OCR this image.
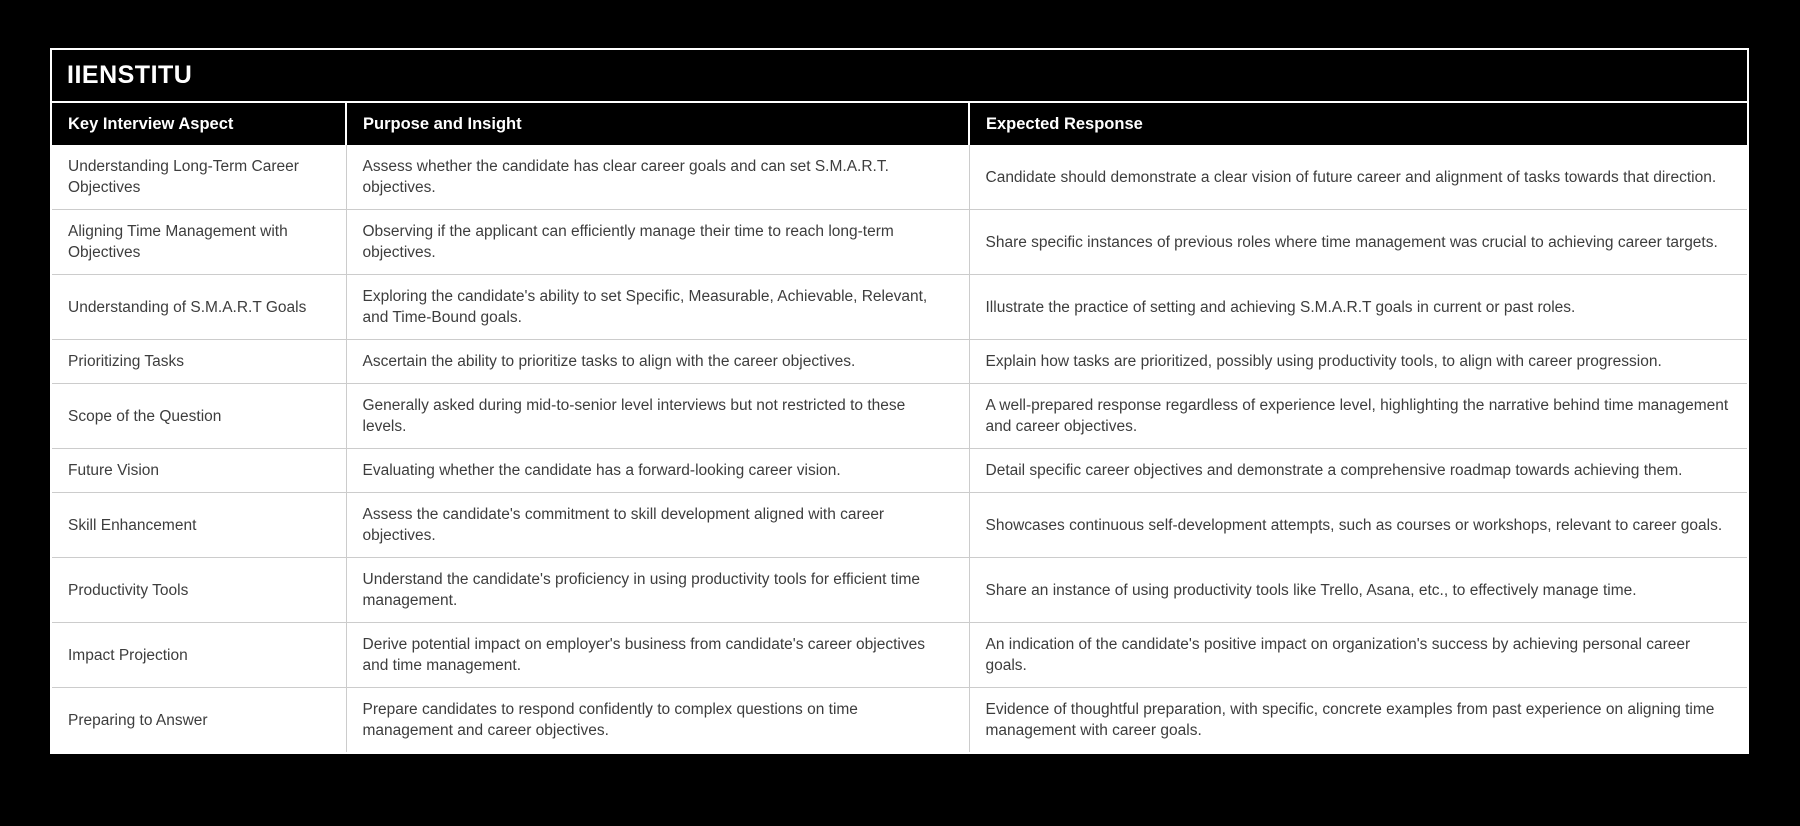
IIENSTITU
Key Interview Aspect	Purpose and Insight	Expected Response
Understanding Long-Term Career Objectives	Assess whether the candidate has clear career goals and can set S.M.A.R.T. objectives.	Candidate should demonstrate a clear vision of future career and alignment of tasks towards that direction.
Aligning Time Management with Objectives	Observing if the applicant can efficiently manage their time to reach long-term objectives.	Share specific instances of previous roles where time management was crucial to achieving career targets.
Understanding of S.M.A.R.T Goals	Exploring the candidate's ability to set Specific, Measurable, Achievable, Relevant, and Time-Bound goals.	Illustrate the practice of setting and achieving S.M.A.R.T goals in current or past roles.
Prioritizing Tasks	Ascertain the ability to prioritize tasks to align with the career objectives.	Explain how tasks are prioritized, possibly using productivity tools, to align with career progression.
Scope of the Question	Generally asked during mid-to-senior level interviews but not restricted to these levels.	A well-prepared response regardless of experience level, highlighting the narrative behind time management and career objectives.
Future Vision	Evaluating whether the candidate has a forward-looking career vision.	Detail specific career objectives and demonstrate a comprehensive roadmap towards achieving them.
Skill Enhancement	Assess the candidate's commitment to skill development aligned with career objectives.	Showcases continuous self-development attempts, such as courses or workshops, relevant to career goals.
Productivity Tools	Understand the candidate's proficiency in using productivity tools for efficient time management.	Share an instance of using productivity tools like Trello, Asana, etc., to effectively manage time.
Impact Projection	Derive potential impact on employer's business from candidate's career objectives and time management.	An indication of the candidate's positive impact on organization's success by achieving personal career goals.
Preparing to Answer	Prepare candidates to respond confidently to complex questions on time management and career objectives.	Evidence of thoughtful preparation, with specific, concrete examples from past experience on aligning time management with career goals.
